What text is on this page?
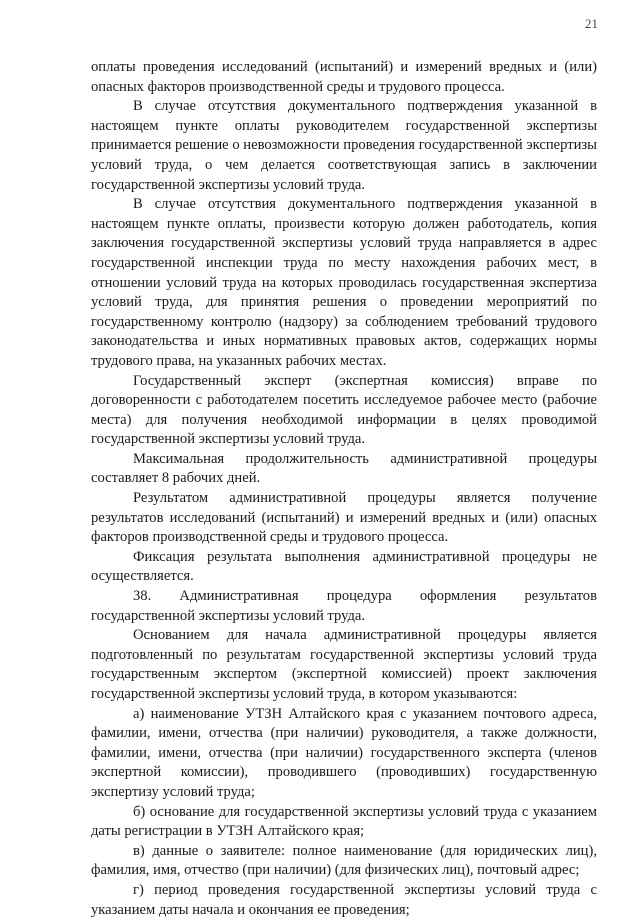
21

оплаты проведения исследований (испытаний) и измерений вредных и (или) опасных факторов производственной среды и трудового процесса.

В случае отсутствия документального подтверждения указанной в настоящем пункте оплаты руководителем государственной экспертизы принимается решение о невозможности проведения государственной экспертизы условий труда, о чем делается соответствующая запись в заключении государственной экспертизы условий труда.

В случае отсутствия документального подтверждения указанной в настоящем пункте оплаты, произвести которую должен работодатель, копия заключения государственной экспертизы условий труда направляется в адрес государственной инспекции труда по месту нахождения рабочих мест, в отношении условий труда на которых проводилась государственная экспертиза условий труда, для принятия решения о проведении мероприятий по государственному контролю (надзору) за соблюдением требований трудового законодательства и иных нормативных правовых актов, содержащих нормы трудового права, на указанных рабочих местах.

Государственный эксперт (экспертная комиссия) вправе по договоренности с работодателем посетить исследуемое рабочее место (рабочие места) для получения необходимой информации в целях проводимой государственной экспертизы условий труда.

Максимальная продолжительность административной процедуры составляет 8 рабочих дней.

Результатом административной процедуры является получение результатов исследований (испытаний) и измерений вредных и (или) опасных факторов производственной среды и трудового процесса.

Фиксация результата выполнения административной процедуры не осуществляется.

38. Административная процедура оформления результатов государственной экспертизы условий труда.

Основанием для начала административной процедуры является подготовленный по результатам государственной экспертизы условий труда государственным экспертом (экспертной комиссией) проект заключения государственной экспертизы условий труда, в котором указываются:

а) наименование УТЗН Алтайского края с указанием почтового адреса, фамилии, имени, отчества (при наличии) руководителя, а также должности, фамилии, имени, отчества (при наличии) государственного эксперта (членов экспертной комиссии), проводившего (проводивших) государственную экспертизу условий труда;

б) основание для государственной экспертизы условий труда с указанием даты регистрации в УТЗН Алтайского края;

в) данные о заявителе: полное наименование (для юридических лиц), фамилия, имя, отчество (при наличии) (для физических лиц), почтовый адрес;

г) период проведения государственной экспертизы условий труда с указанием даты начала и окончания ее проведения;
